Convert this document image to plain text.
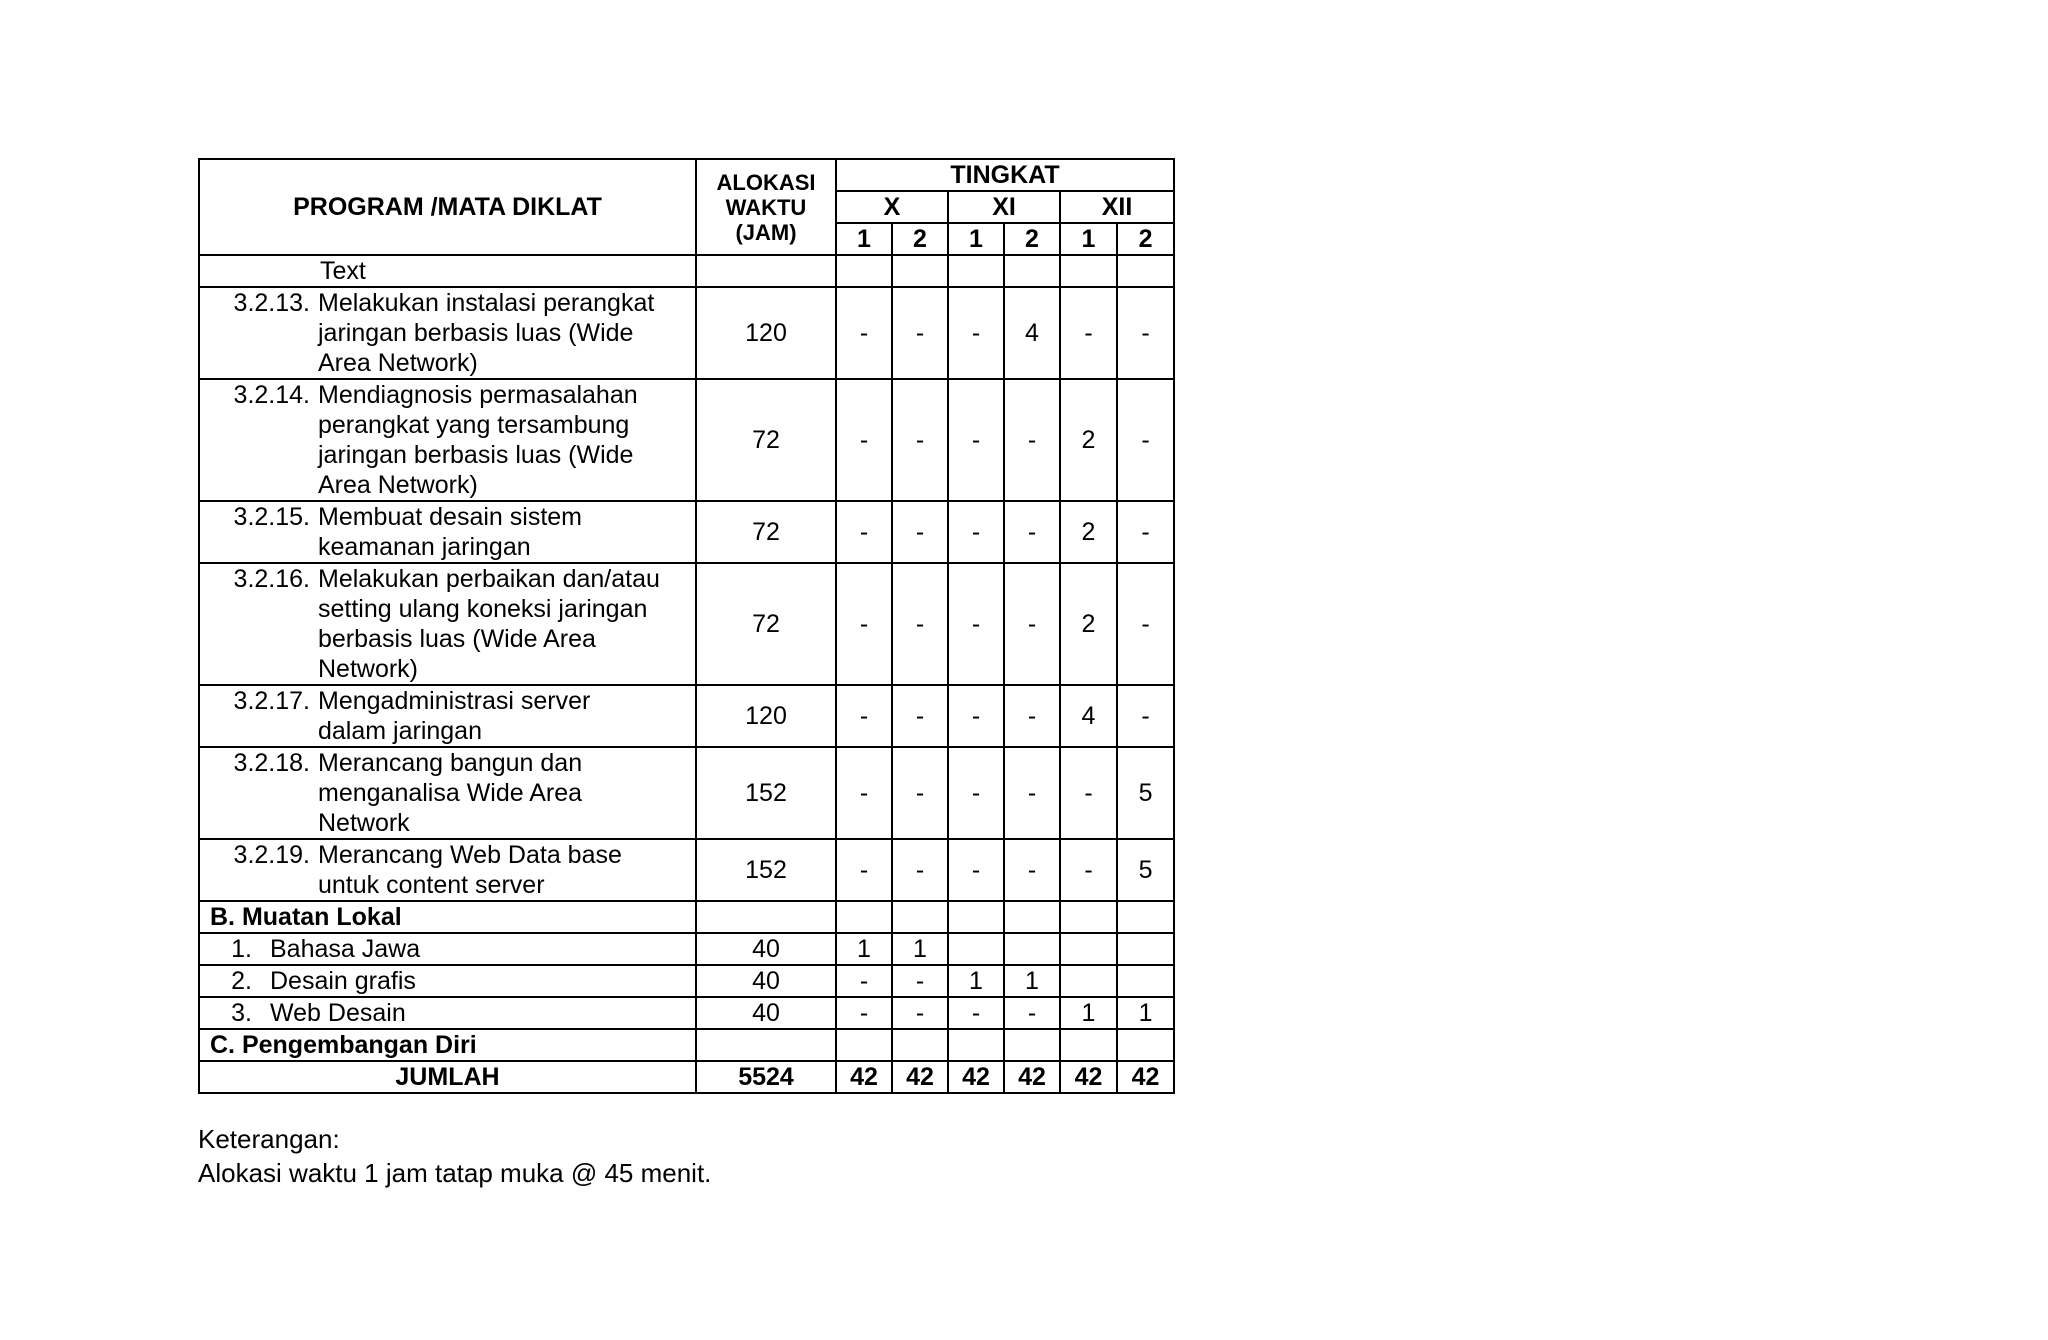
PROGRAM /MATA DIKLAT	ALOKASI
WAKTU
(JAM)	TINGKAT					
		X		XI		XII	
		1	2	1	2	1	2
Text							

3.2.13. Melakukan instalasi perangkat
jaringan berbasis luas (Wide
Area Network)	120	-	-	-	4	-	-

3.2.14. Mendiagnosis permasalahan
perangkat yang tersambung
jaringan berbasis luas (Wide
Area Network)	72	-	-	-	-	2	-

3.2.15. Membuat desain sistem
keamanan jaringan	72	-	-	-	-	2	-

3.2.16. Melakukan perbaikan dan/atau
setting ulang koneksi jaringan
berbasis luas (Wide Area
Network)	72	-	-	-	-	2	-

3.2.17. Mengadministrasi server
dalam jaringan	120	-	-	-	-	4	-

3.2.18. Merancang bangun dan
menganalisa Wide Area
Network	152	-	-	-	-	-	5

3.2.19. Merancang Web Data base
untuk content server	152	-	-	-	-	-	5
B. Muatan Lokal							

1. Bahasa Jawa	40	1	1				

2. Desain grafis	40	-	-	1	1		

3. Web Desain	40	-	-	-	-	1	1
C. Pengembangan Diri							
JUMLAH	5524	42	42	42	42	42	42
Keterangan:
Alokasi waktu 1 jam tatap muka @ 45 menit.
